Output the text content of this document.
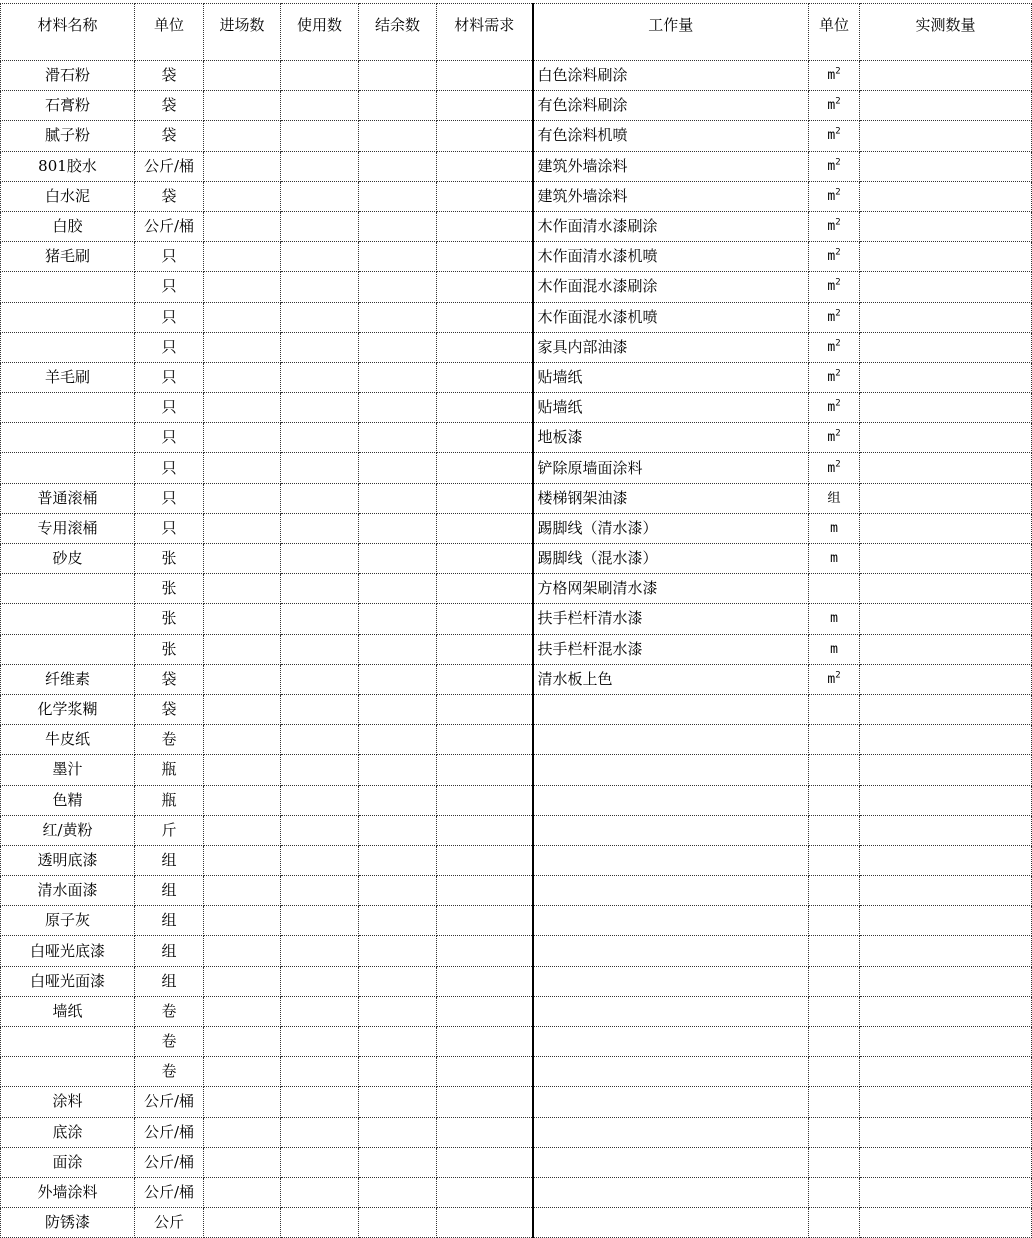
材料名称	单位	进场数	使用数	结余数	材料需求	工作量	单位	实测数量
滑石粉	袋					白色涂料刷涂	$m^2$	
石膏粉	袋					有色涂料刷涂	$m^2$	
腻子粉	袋					有色涂料机喷	$m^2$	
801胶水	公斤/桶					建筑外墙涂料	$m^2$	
白水泥	袋					建筑外墙涂料	$m^2$	
白胶	公斤/桶					木作面清水漆刷涂	$m^2$	
猪毛刷	只					木作面清水漆机喷	$m^2$	
	只					木作面混水漆刷涂	$m^2$	
	只					木作面混水漆机喷	$m^2$	
	只					家具内部油漆	$m^2$	
羊毛刷	只					贴墙纸	$m^2$	
	只					贴墙纸	$m^2$	
	只					地板漆	$m^2$	
	只					铲除原墙面涂料	$m^2$	
普通滚桶	只					楼梯钢架油漆	组	
专用滚桶	只					踢脚线（清水漆）	m	
砂皮	张					踢脚线（混水漆）	m	
	张					方格网架刷清水漆		
	张					扶手栏杆清水漆	m	
	张					扶手栏杆混水漆	m	
纤维素	袋					清水板上色	$m^2$	
化学浆糊	袋							
牛皮纸	卷							
墨汁	瓶							
色精	瓶							
红/黄粉	斤							
透明底漆	组							
清水面漆	组							
原子灰	组							
白哑光底漆	组							
白哑光面漆	组							
墙纸	卷							
	卷							
	卷							
涂料	公斤/桶							
底涂	公斤/桶							
面涂	公斤/桶							
外墙涂料	公斤/桶							
防锈漆	公斤							
